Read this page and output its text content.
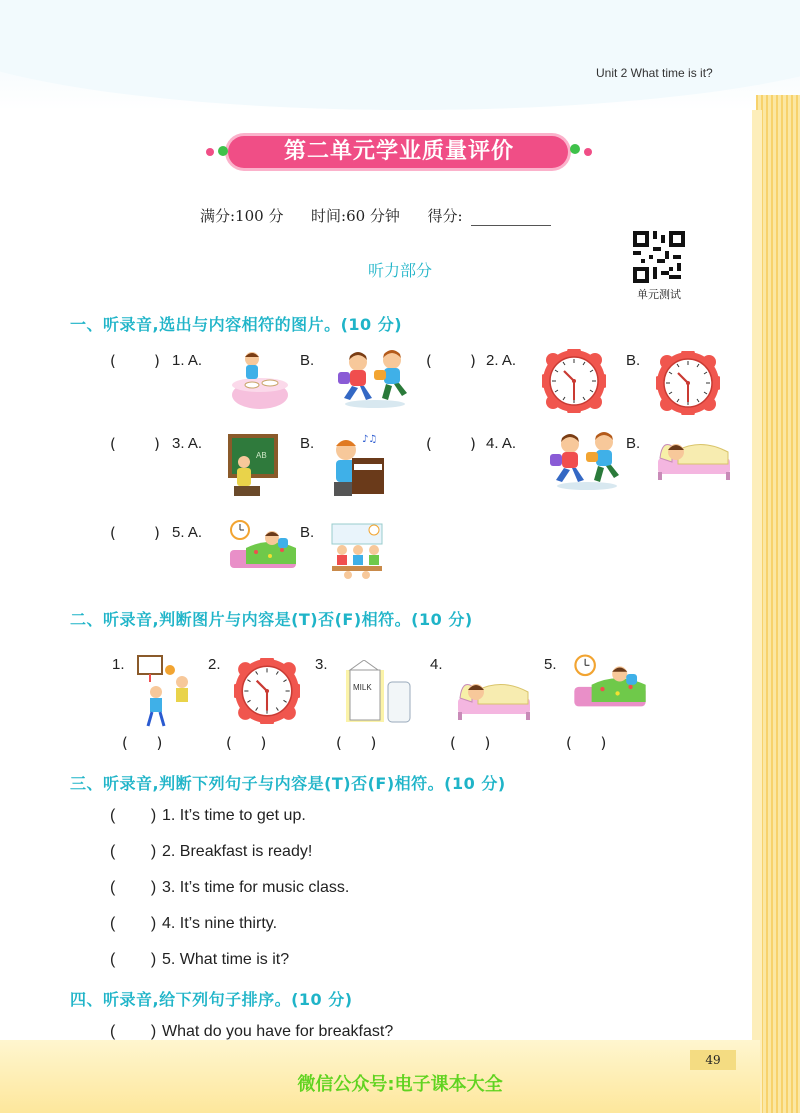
Unit 2 What time is it?
第二单元学业质量评价
满分:100 分 时间:60 分钟 得分:
单元测试
听力部分
一、听录音,选出与内容相符的图片。(10 分)
(        ) 1. A.	B.	(        ) 2. A.	B.
(        ) 3. A.
AB
B.	♪♫	(        ) 4. A.	B.
(        ) 5. A.	B.
二、听录音,判断图片与内容是(T)否(F)相符。(10 分)
1.	2.	3.
MILK
4.	5.
(      )	(      )	(      )	(      )	(      )
三、听录音,判断下列句子与内容是(T)否(F)相符。(10 分)
(        ) 1. It’s time to get up.
(        ) 2. Breakfast is ready!
(        ) 3. It’s time for music class.
(        ) 4. It’s nine thirty.
(        ) 5. What time is it?
四、听录音,给下列句子排序。(10 分)
(        ) What do you have for breakfast?
49
微信公众号:电子课本大全
